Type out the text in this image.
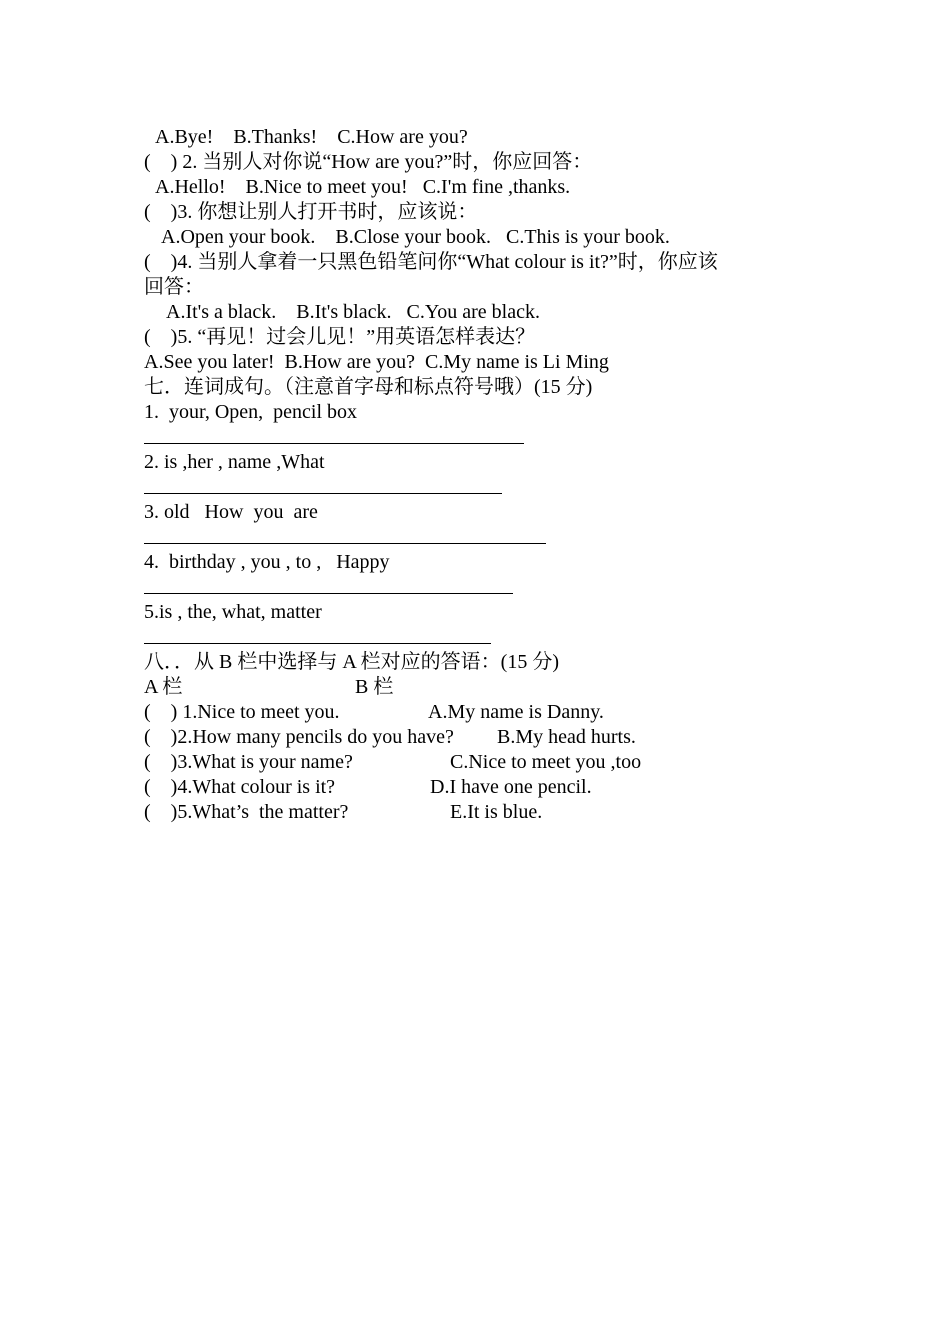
A.Bye!    B.Thanks!    C.How are you?
(    ) 2. 当别人对你说“How are you?”时，你应回答：
A.Hello!    B.Nice to meet you!   C.I'm fine ,thanks.
(    )3. 你想让别人打开书时，应该说：
A.Open your book.    B.Close your book.   C.This is your book.
(    )4. 当别人拿着一只黑色铅笔问你“What colour is it?”时，你应该
回答：
A.It's a black.    B.It's black.   C.You are black.
(    )5. “再见！过会儿见！”用英语怎样表达？
A.See you later!  B.How are you?  C.My name is Li Ming
七．连词成句。（注意首字母和标点符号哦）(15 分)
1.  your, Open,  pencil box
2. is ,her , name ,What
3. old   How  you  are
4.  birthday , you , to ,   Happy
5.is , the, what, matter
八．．从 B 栏中选择与 A 栏对应的答语：(15 分)
A 栏	B 栏
(    ) 1.Nice to meet you.	A.My name is Danny.
(    )2.How many pencils do you have? B.My head hurts.
(    )3.What is your name?	C.Nice to meet you ,too
(    )4.What colour is it?	D.I have one pencil.
(    )5.What’s  the matter?	E.It is blue.
